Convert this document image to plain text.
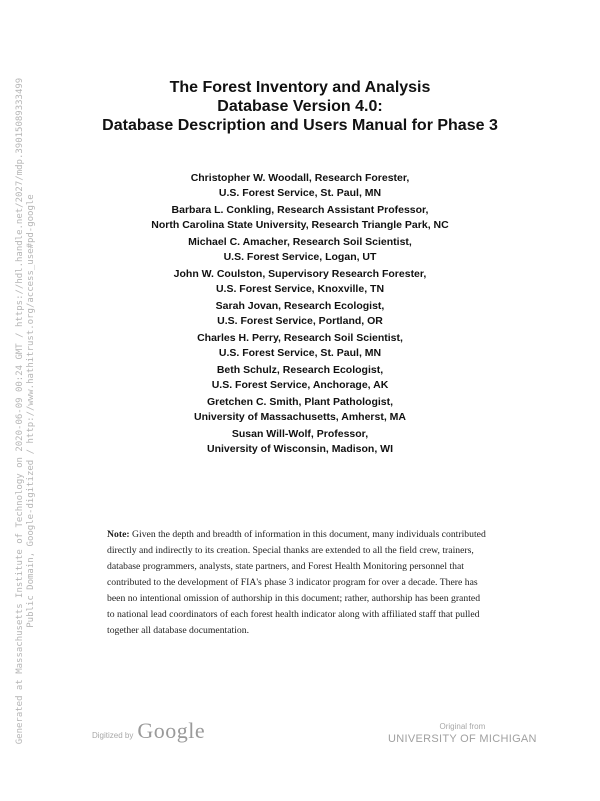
Generated at Massachusetts Institute of Technology on 2020-06-09 00:24 GMT / https://hdl.handle.net/2027/mdp.39015089333499 Public Domain, Google-digitized / http://www.hathitrust.org/access_use#pd-google
The Forest Inventory and Analysis
Database Version 4.0:
Database Description and Users Manual for Phase 3
Christopher W. Woodall, Research Forester,
U.S. Forest Service, St. Paul, MN
Barbara L. Conkling, Research Assistant Professor,
North Carolina State University, Research Triangle Park, NC
Michael C. Amacher, Research Soil Scientist,
U.S. Forest Service, Logan, UT
John W. Coulston, Supervisory Research Forester,
U.S. Forest Service, Knoxville, TN
Sarah Jovan, Research Ecologist,
U.S. Forest Service, Portland, OR
Charles H. Perry, Research Soil Scientist,
U.S. Forest Service, St. Paul, MN
Beth Schulz, Research Ecologist,
U.S. Forest Service, Anchorage, AK
Gretchen C. Smith, Plant Pathologist,
University of Massachusetts, Amherst, MA
Susan Will-Wolf, Professor,
University of Wisconsin, Madison, WI
Note: Given the depth and breadth of information in this document, many individuals contributed directly and indirectly to its creation. Special thanks are extended to all the field crew, trainers, database programmers, analysts, state partners, and Forest Health Monitoring personnel that contributed to the development of FIA's phase 3 indicator program for over a decade. There has been no intentional omission of authorship in this document; rather, authorship has been granted to national lead coordinators of each forest health indicator along with affiliated staff that pulled together all database documentation.
Digitized by Google	Original from
UNIVERSITY OF MICHIGAN
